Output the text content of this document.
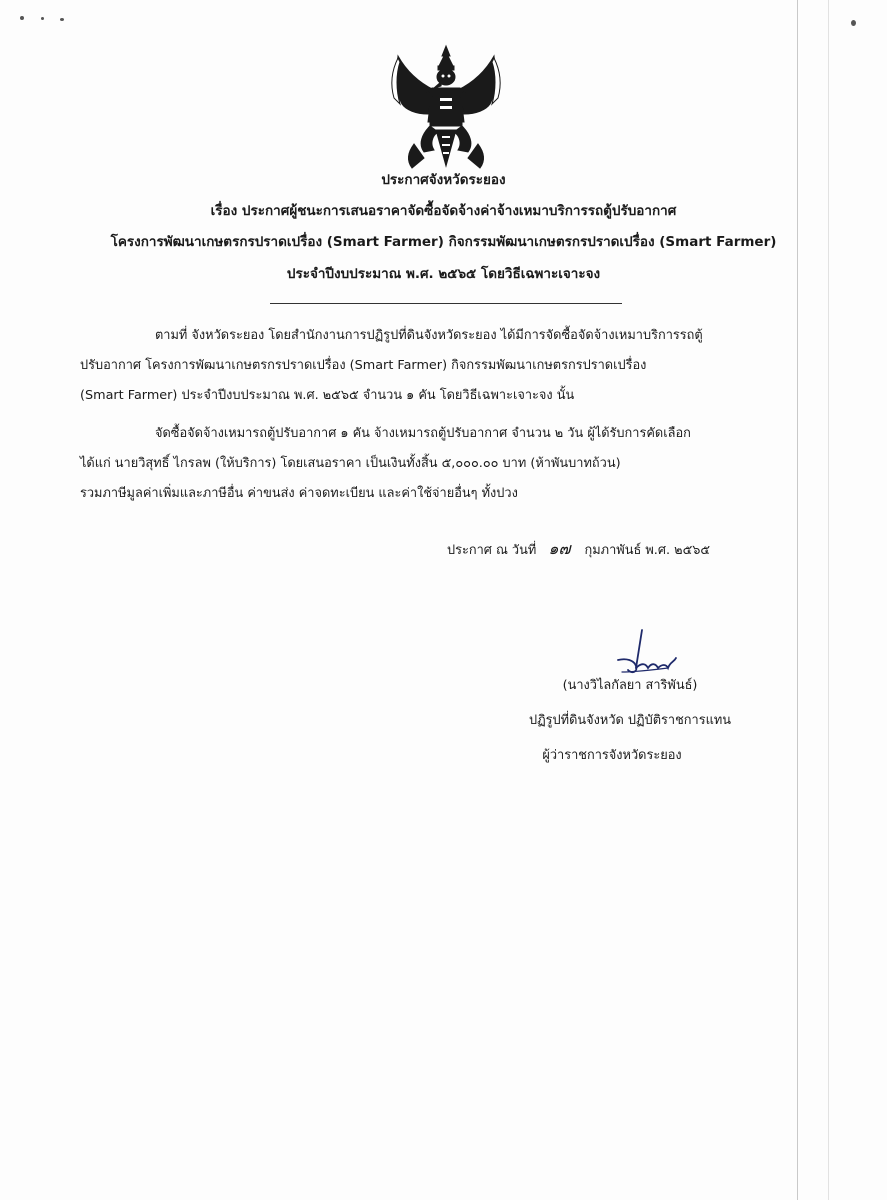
ประกาศจังหวัดระยอง
เรื่อง ประกาศผู้ชนะการเสนอราคาจัดซื้อจัดจ้างค่าจ้างเหมาบริการรถตู้ปรับอากาศ
โครงการพัฒนาเกษตรกรปราดเปรื่อง (Smart Farmer) กิจกรรมพัฒนาเกษตรกรปราดเปรื่อง (Smart Farmer)
ประจำปีงบประมาณ พ.ศ. ๒๕๖๕ โดยวิธีเฉพาะเจาะจง
ตามที่ จังหวัดระยอง โดยสำนักงานการปฏิรูปที่ดินจังหวัดระยอง ได้มีการจัดซื้อจัดจ้างเหมาบริการรถตู้
ปรับอากาศ โครงการพัฒนาเกษตรกรปราดเปรื่อง (Smart Farmer) กิจกรรมพัฒนาเกษตรกรปราดเปรื่อง
(Smart Farmer) ประจำปีงบประมาณ พ.ศ. ๒๕๖๕ จำนวน ๑ คัน โดยวิธีเฉพาะเจาะจง นั้น
จัดซื้อจัดจ้างเหมารถตู้ปรับอากาศ ๑ คัน จ้างเหมารถตู้ปรับอากาศ จำนวน ๒ วัน ผู้ได้รับการคัดเลือก
ได้แก่ นายวิสุทธิ์ ไกรลพ (ให้บริการ) โดยเสนอราคา เป็นเงินทั้งสิ้น ๕,๐๐๐.๐๐ บาท (ห้าพันบาทถ้วน)
รวมภาษีมูลค่าเพิ่มและภาษีอื่น ค่าขนส่ง ค่าจดทะเบียน และค่าใช้จ่ายอื่นๆ ทั้งปวง
ประกาศ ณ วันที่ ๑๗ กุมภาพันธ์ พ.ศ. ๒๕๖๕
(นางวิไลกัลยา สาริพันธ์)
ปฏิรูปที่ดินจังหวัด ปฏิบัติราชการแทน
ผู้ว่าราชการจังหวัดระยอง
